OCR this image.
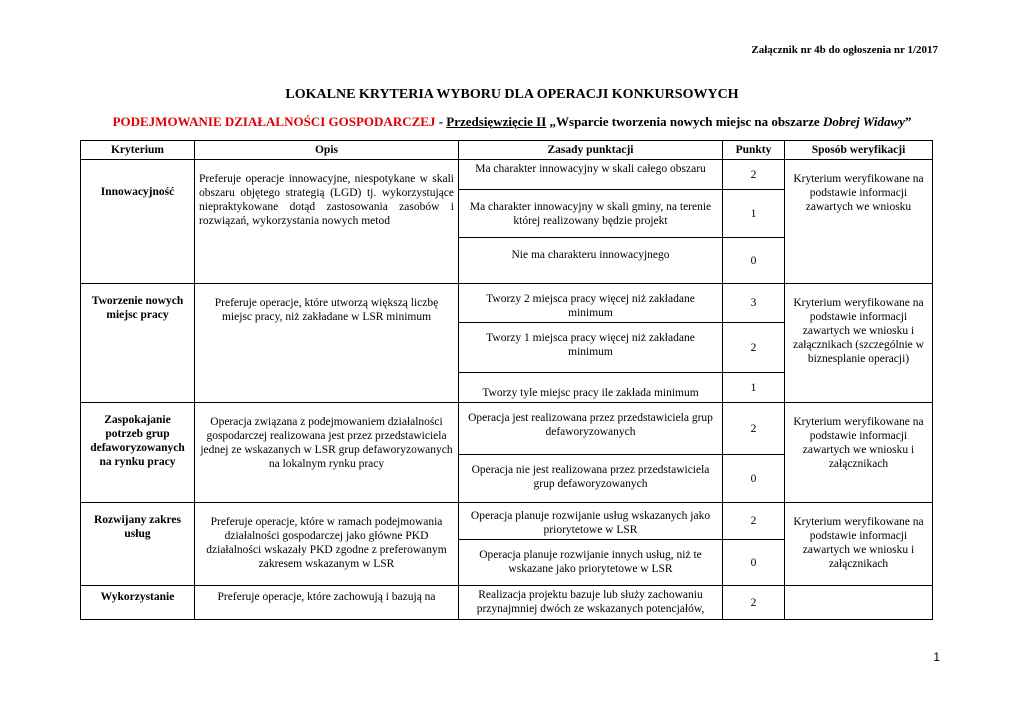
Załącznik nr 4b do ogłoszenia nr 1/2017
LOKALNE KRYTERIA WYBORU DLA OPERACJI KONKURSOWYCH
PODEJMOWANIE DZIAŁALNOŚCI GOSPODARCZEJ - Przedsięwzięcie II „Wsparcie tworzenia nowych miejsc na obszarze Dobrej Widawy”
Kryterium	Opis	Zasady punktacji	Punkty	Sposób weryfikacji
Innowacyjność	Preferuje operacje innowacyjne, niespotykane w skali obszaru objętego strategią (LGD) tj. wykorzystujące niepraktykowane dotąd zastosowania zasobów i rozwiązań, wykorzystania nowych metod	Ma charakter innowacyjny w skali całego obszaru	2	Kryterium weryfikowane na podstawie informacji zawartych we wniosku
		Ma charakter innowacyjny w skali gminy, na terenie której realizowany będzie projekt	1	
		Nie ma charakteru innowacyjnego	0	
Tworzenie nowych miejsc pracy	Preferuje operacje, które utworzą większą liczbę miejsc pracy, niż zakładane w LSR minimum	Tworzy 2 miejsca pracy więcej niż zakładane minimum	3	Kryterium weryfikowane na podstawie informacji zawartych we wniosku i załącznikach (szczególnie w biznesplanie operacji)
		Tworzy 1 miejsca pracy więcej niż zakładane minimum	2	
		Tworzy tyle miejsc pracy ile zakłada minimum	1	
Zaspokajanie potrzeb grup defaworyzowanych na rynku pracy	Operacja związana z podejmowaniem działalności gospodarczej realizowana jest przez przedstawiciela jednej ze wskazanych w LSR grup defaworyzowanych na lokalnym rynku pracy	Operacja jest realizowana przez przedstawiciela grup defaworyzowanych	2	Kryterium weryfikowane na podstawie informacji zawartych we wniosku i załącznikach
		Operacja nie jest realizowana przez przedstawiciela grup defaworyzowanych	0	
Rozwijany zakres usług	Preferuje operacje, które w ramach podejmowania działalności gospodarczej jako główne PKD działalności wskazały PKD zgodne z preferowanym zakresem wskazanym w LSR	Operacja planuje rozwijanie usług wskazanych jako priorytetowe w LSR	2	Kryterium weryfikowane na podstawie informacji zawartych we wniosku i załącznikach
		Operacja planuje rozwijanie innych usług, niż te wskazane jako priorytetowe w LSR	0	
Wykorzystanie	Preferuje operacje, które zachowują i bazują na	Realizacja projektu bazuje lub służy zachowaniu przynajmniej dwóch ze wskazanych potencjałów,	2	
1
